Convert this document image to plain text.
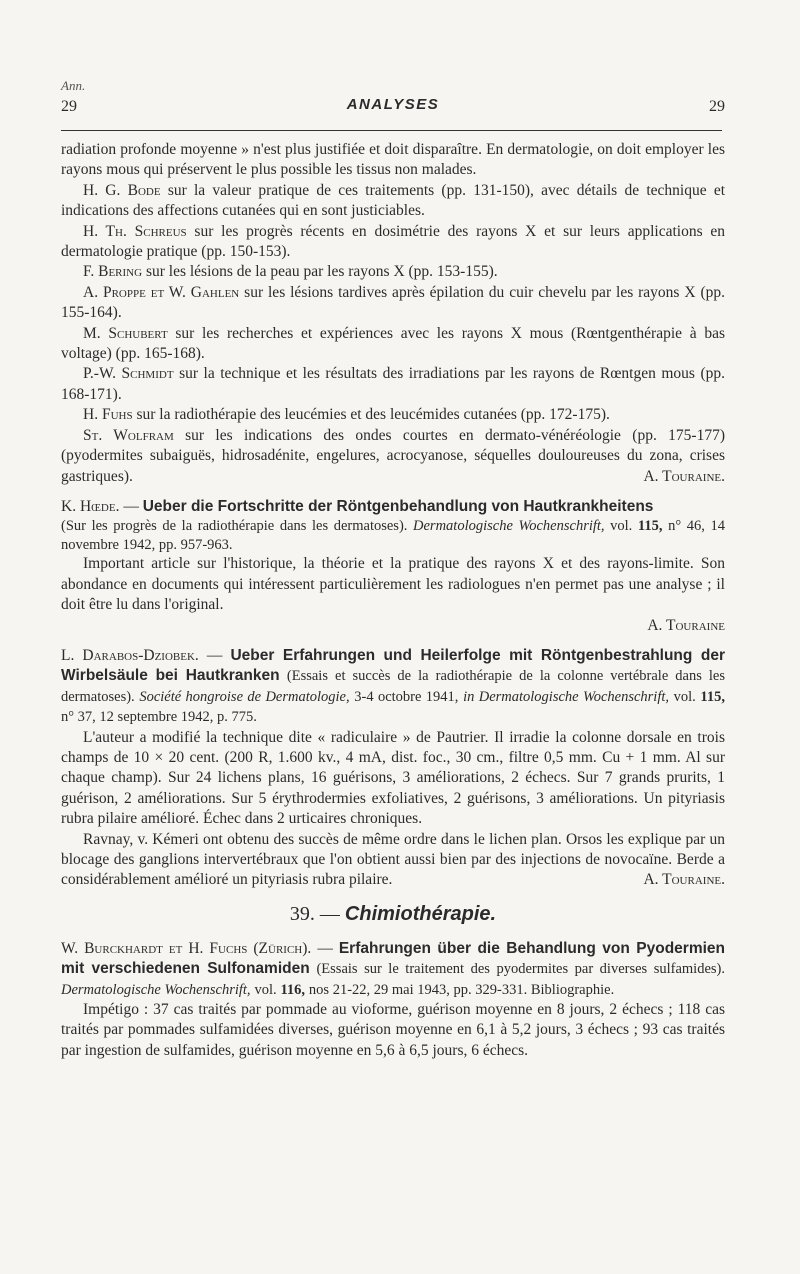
Ann.
29	ANALYSES	29

radiation profonde moyenne » n'est plus justifiée et doit disparaître. En dermatologie, on doit employer les rayons mous qui préservent le plus possible les tissus non malades.

H. G. Bode sur la valeur pratique de ces traitements (pp. 131-150), avec détails de technique et indications des affections cutanées qui en sont justiciables.

H. Th. Schreus sur les progrès récents en dosimétrie des rayons X et sur leurs applications en dermatologie pratique (pp. 150-153).

F. Bering sur les lésions de la peau par les rayons X (pp. 153-155).

A. Proppe et W. Gahlen sur les lésions tardives après épilation du cuir chevelu par les rayons X (pp. 155-164).

M. Schubert sur les recherches et expériences avec les rayons X mous (Rœntgenthérapie à bas voltage) (pp. 165-168).

P.-W. Schmidt sur la technique et les résultats des irradiations par les rayons de Rœntgen mous (pp. 168-171).

H. Fuhs sur la radiothérapie des leucémies et des leucémides cutanées (pp. 172-175).

St. Wolfram sur les indications des ondes courtes en dermato-vénéréologie (pp. 175-177) (pyodermites subaiguës, hidrosadénite, engelures, acrocyanose, séquelles douloureuses du zona, crises gastriques).	A. Touraine.

K. Hœde. — Ueber die Fortschritte der Röntgenbehandlung von Hautkrankheitens

(Sur les progrès de la radiothérapie dans les dermatoses). Dermatologische Wochenschrift, vol. 115, n° 46, 14 novembre 1942, pp. 957-963.

Important article sur l'historique, la théorie et la pratique des rayons X et des rayons-limite. Son abondance en documents qui intéressent particulièrement les radiologues n'en permet pas une analyse ; il doit être lu dans l'original.

A. Touraine

L. Darabos-Dziobek. — Ueber Erfahrungen und Heilerfolge mit Röntgenbestrahlung der Wirbelsäule bei Hautkranken (Essais et succès de la radiothérapie de la colonne vertébrale dans les dermatoses). Société hongroise de Dermatologie, 3-4 octobre 1941, in Dermatologische Wochenschrift, vol. 115, n° 37, 12 septembre 1942, p. 775.

L'auteur a modifié la technique dite « radiculaire » de Pautrier. Il irradie la colonne dorsale en trois champs de 10 × 20 cent. (200 R, 1.600 kv., 4 mA, dist. foc., 30 cm., filtre 0,5 mm. Cu + 1 mm. Al sur chaque champ). Sur 24 lichens plans, 16 guérisons, 3 améliorations, 2 échecs. Sur 7 grands prurits, 1 guérison, 2 améliorations. Sur 5 érythrodermies exfoliatives, 2 guérisons, 3 améliorations. Un pityriasis rubra pilaire amélioré. Échec dans 2 urticaires chroniques.

Ravnay, v. Kémeri ont obtenu des succès de même ordre dans le lichen plan. Orsos les explique par un blocage des ganglions intervertébraux que l'on obtient aussi bien par des injections de novocaïne. Berde a considérablement amélioré un pityriasis rubra pilaire.	A. Touraine.

39. — Chimiothérapie.

W. Burckhardt et H. Fuchs (Zürich). — Erfahrungen über die Behandlung von Pyodermien mit verschiedenen Sulfonamiden (Essais sur le traitement des pyodermites par diverses sulfamides). Dermatologische Wochenschrift, vol. 116, nos 21-22, 29 mai 1943, pp. 329-331. Bibliographie.

Impétigo : 37 cas traités par pommade au vioforme, guérison moyenne en 8 jours, 2 échecs ; 118 cas traités par pommades sulfamidées diverses, guérison moyenne en 6,1 à 5,2 jours, 3 échecs ; 93 cas traités par ingestion de sulfamides, guérison moyenne en 5,6 à 6,5 jours, 6 échecs.
